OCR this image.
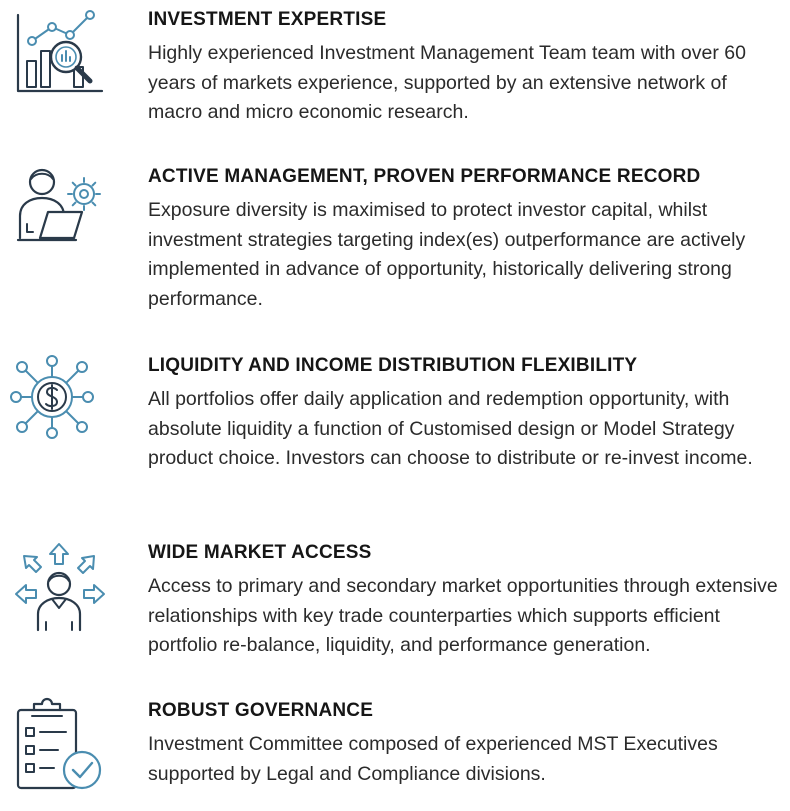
INVESTMENT EXPERTISE
Highly experienced Investment Management Team team with over 60 years of markets experience, supported by an extensive network of macro and micro economic research.
ACTIVE MANAGEMENT, PROVEN PERFORMANCE RECORD
Exposure diversity is maximised to protect investor capital, whilst investment strategies targeting index(es) outperformance are actively implemented in advance of opportunity, historically delivering strong performance.
LIQUIDITY AND INCOME DISTRIBUTION FLEXIBILITY
All portfolios offer daily application and redemption opportunity, with absolute liquidity a function of Customised design or Model Strategy product choice. Investors can choose to distribute or re-invest income.
WIDE MARKET ACCESS
Access to primary and secondary market opportunities through extensive relationships with key trade counterparties which supports efficient portfolio re-balance, liquidity, and performance generation.
ROBUST GOVERNANCE
Investment Committee composed of experienced MST Executives supported by Legal and Compliance divisions.
